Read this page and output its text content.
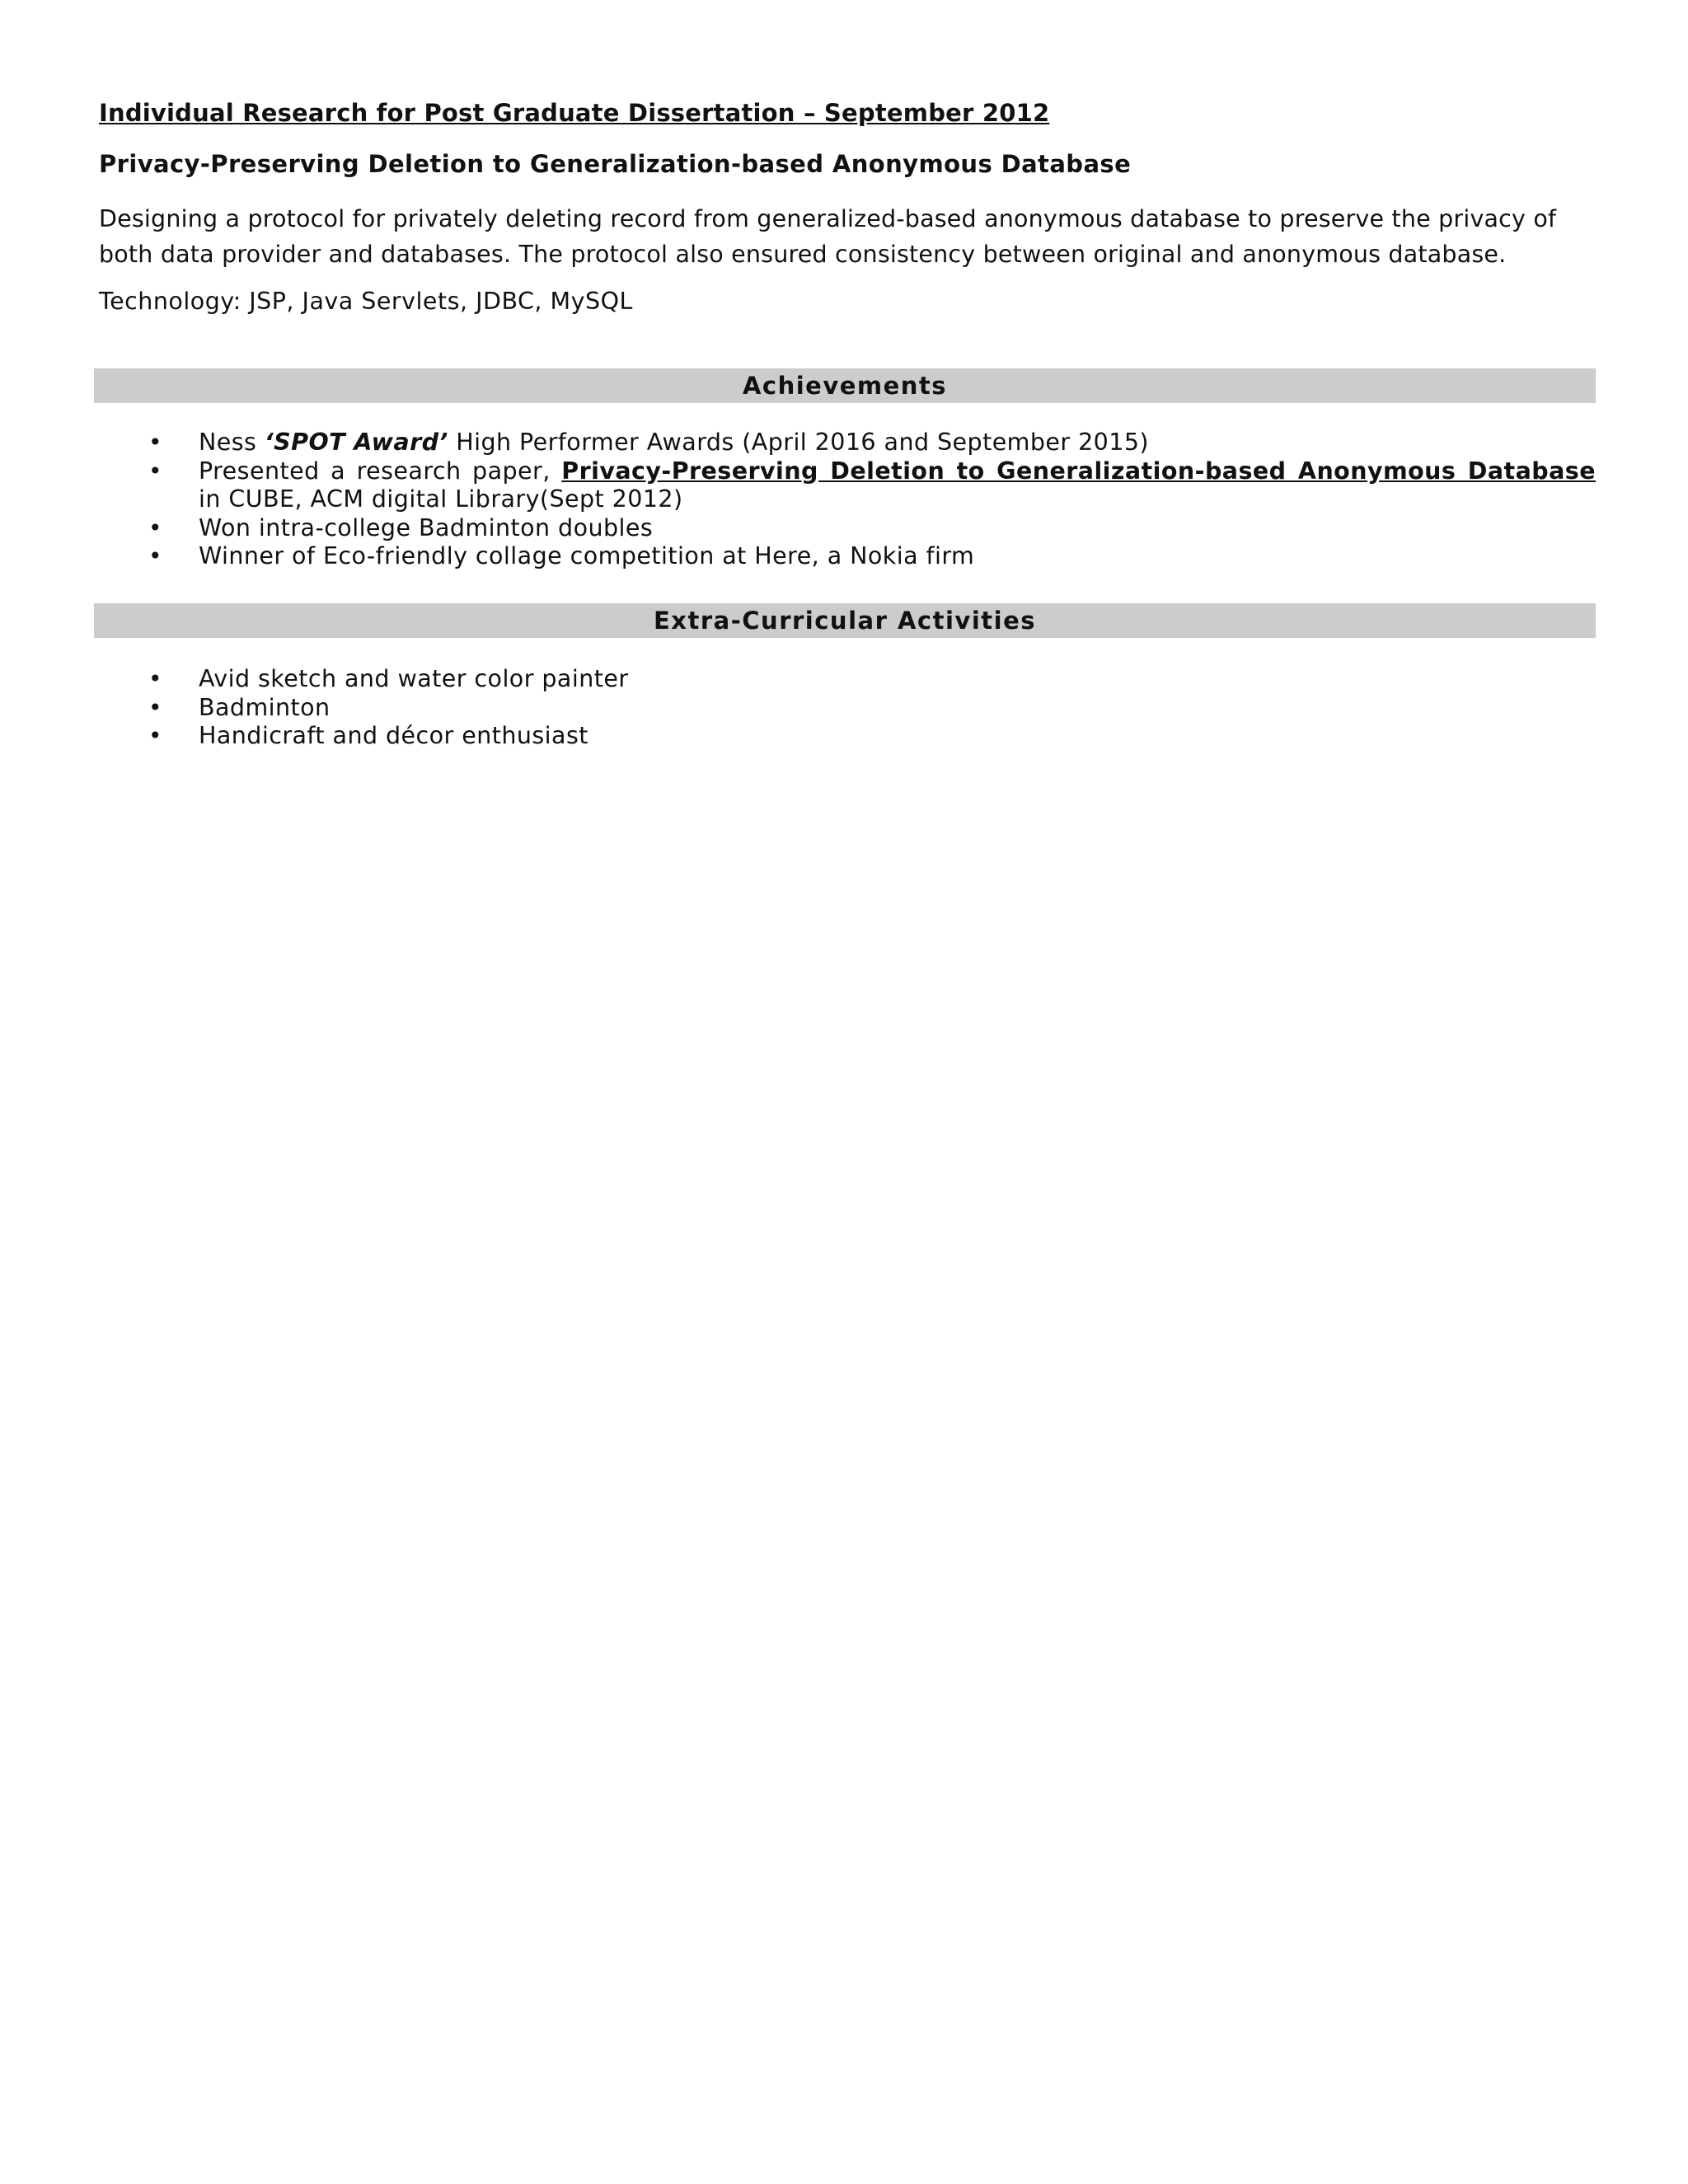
Individual Research for Post Graduate Dissertation – September 2012
Privacy-Preserving Deletion to Generalization-based Anonymous Database
Designing a protocol for privately deleting record from generalized-based anonymous database to preserve the privacy of both data provider and databases. The protocol also ensured consistency between original and anonymous database.
Technology: JSP, Java Servlets, JDBC, MySQL
Achievements
• Ness ‘SPOT Award’ High Performer Awards (April 2016 and September 2015)
• Presented a research paper, Privacy-Preserving Deletion to Generalization-based Anonymous Database in CUBE, ACM digital Library(Sept 2012)
• Won intra-college Badminton doubles
• Winner of Eco-friendly collage competition at Here, a Nokia firm
Extra-Curricular Activities
• Avid sketch and water color painter
• Badminton
• Handicraft and décor enthusiast
